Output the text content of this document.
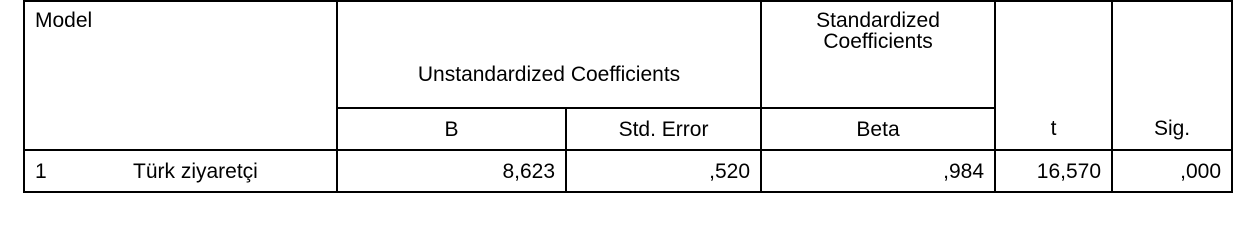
Model		Unstandardized Coefficients		Standardized
Coefficients		
		B	Std. Error	Beta	t	Sig.
1	Türk ziyaretçi	8,623	,520	,984	16,570	,000
